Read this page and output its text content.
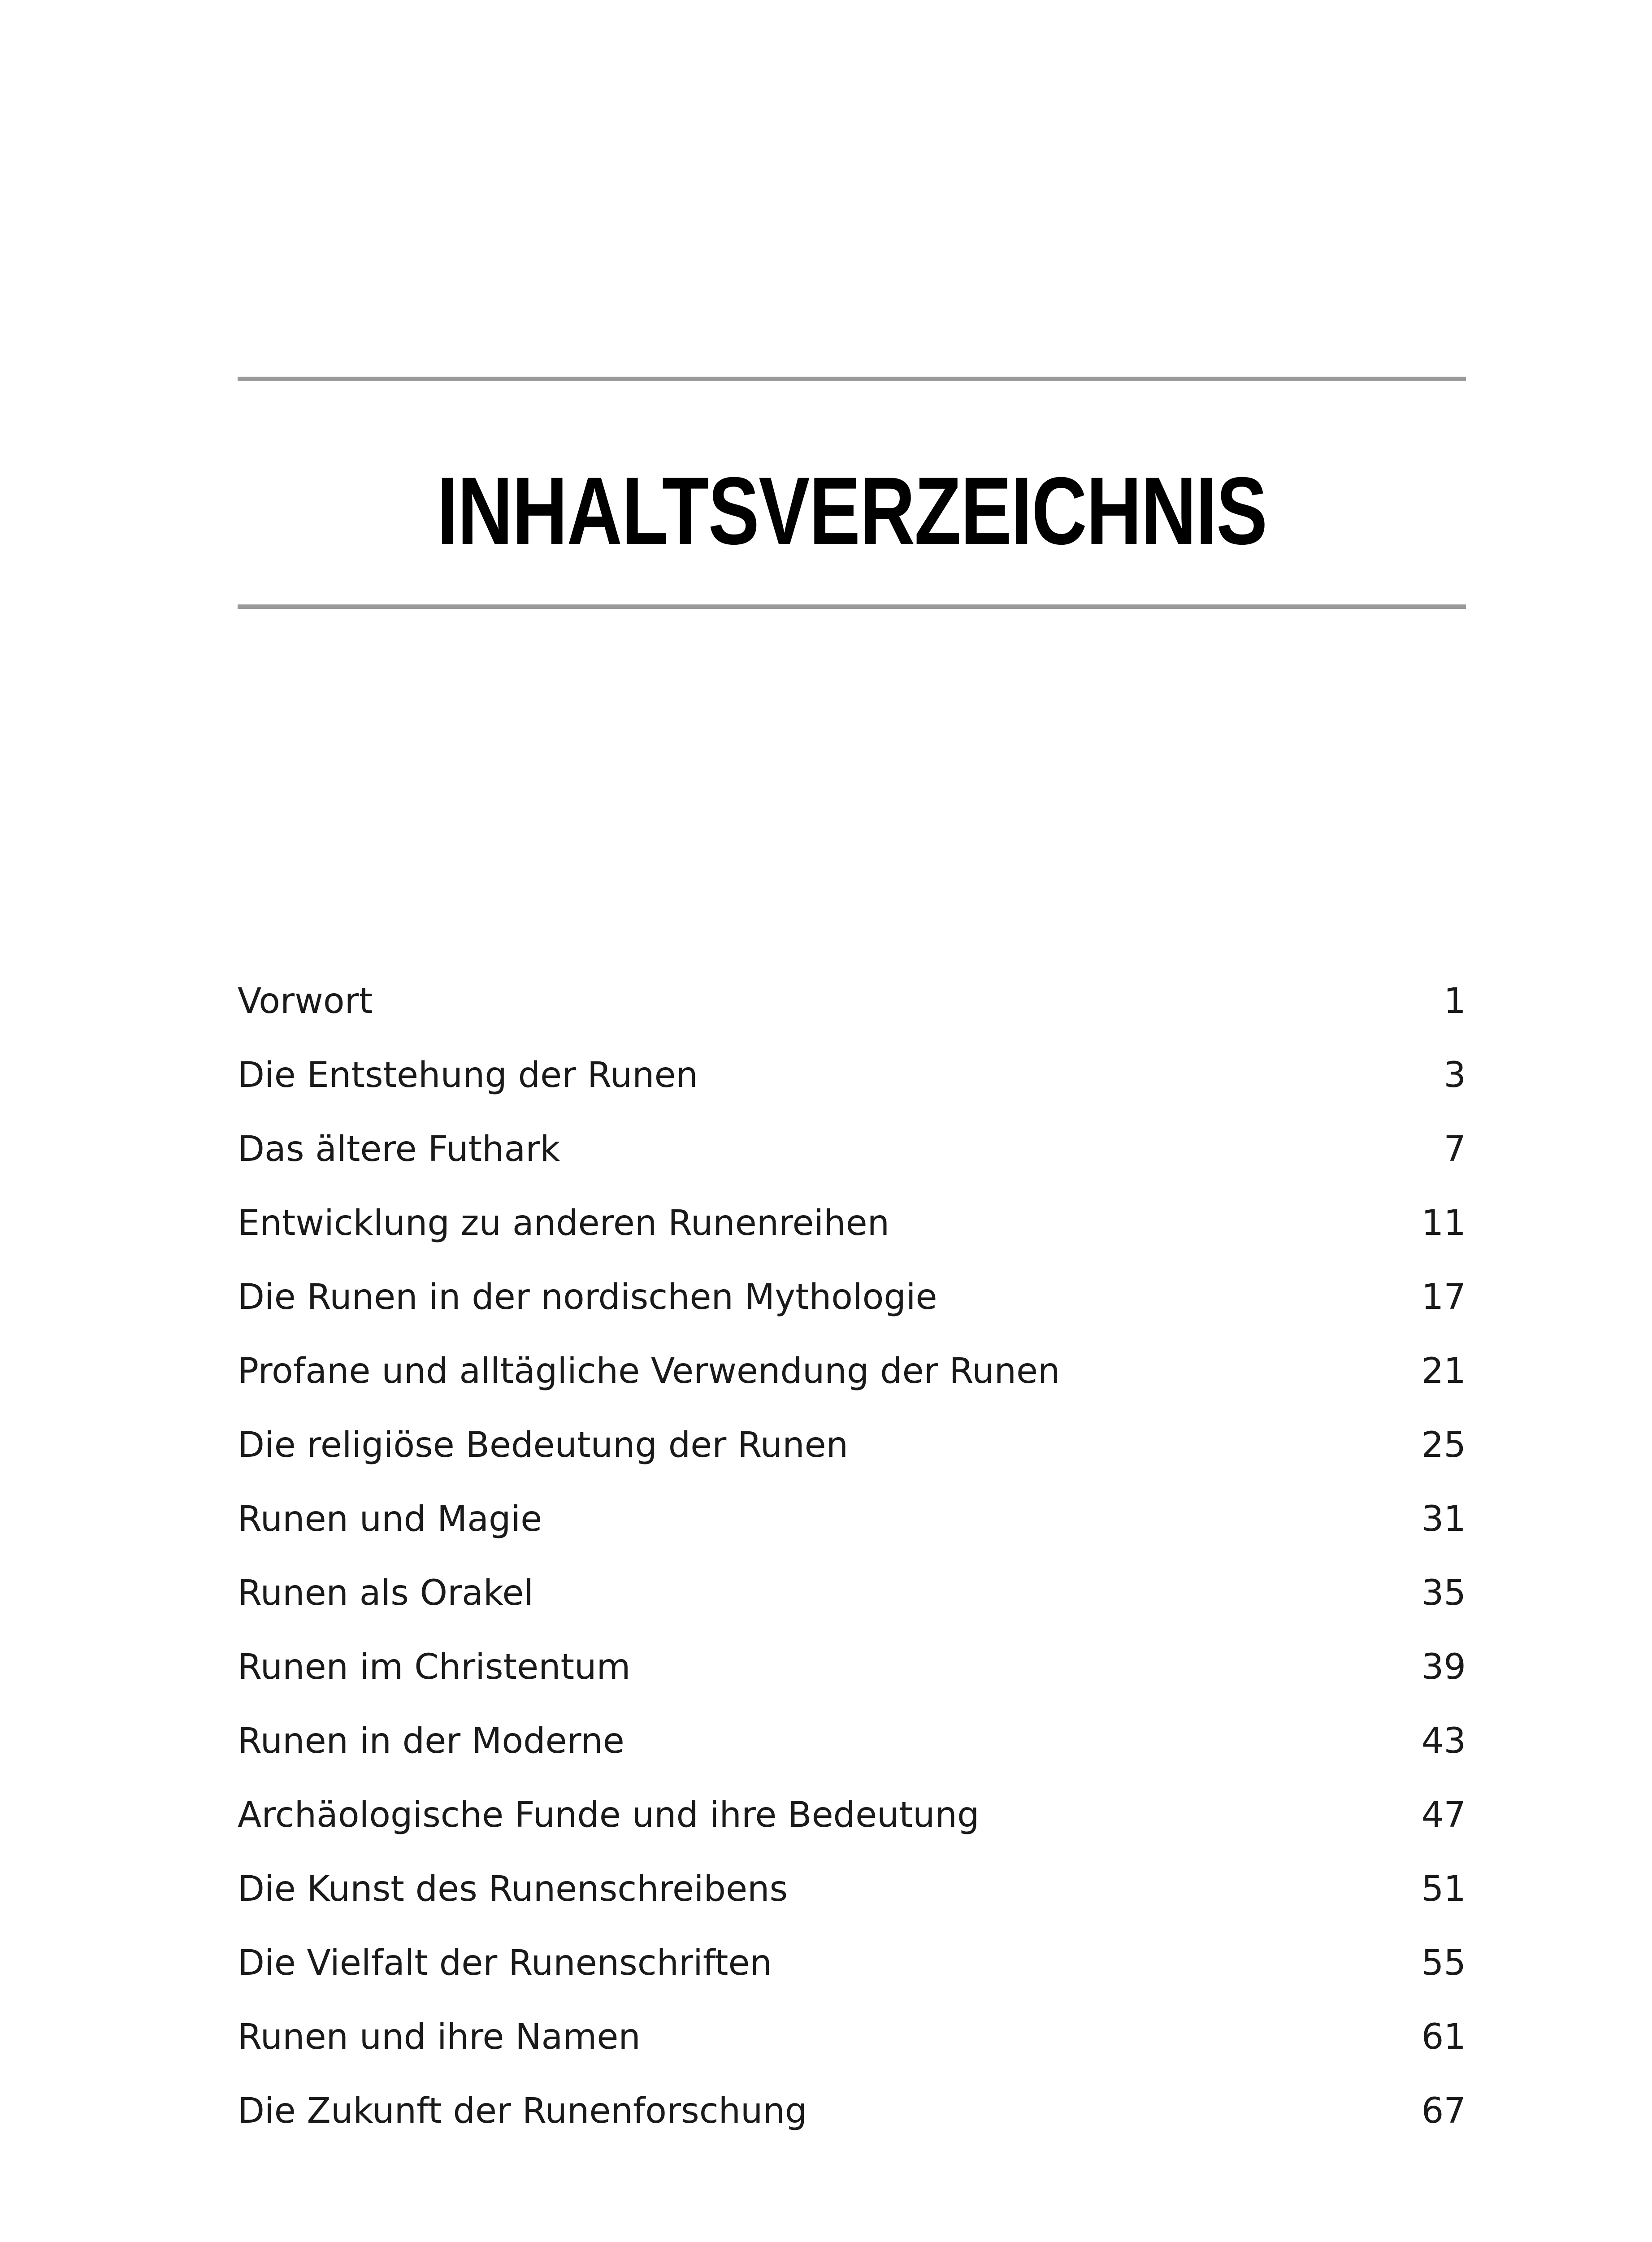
INHALTSVERZEICHNIS
Vorwort	1
Die Entstehung der Runen	3
Das ältere Futhark	7
Entwicklung zu anderen Runenreihen	11
Die Runen in der nordischen Mythologie	17
Profane und alltägliche Verwendung der Runen	21
Die religiöse Bedeutung der Runen	25
Runen und Magie	31
Runen als Orakel	35
Runen im Christentum	39
Runen in der Moderne	43
Archäologische Funde und ihre Bedeutung	47
Die Kunst des Runenschreibens	51
Die Vielfalt der Runenschriften	55
Runen und ihre Namen	61
Die Zukunft der Runenforschung	67
